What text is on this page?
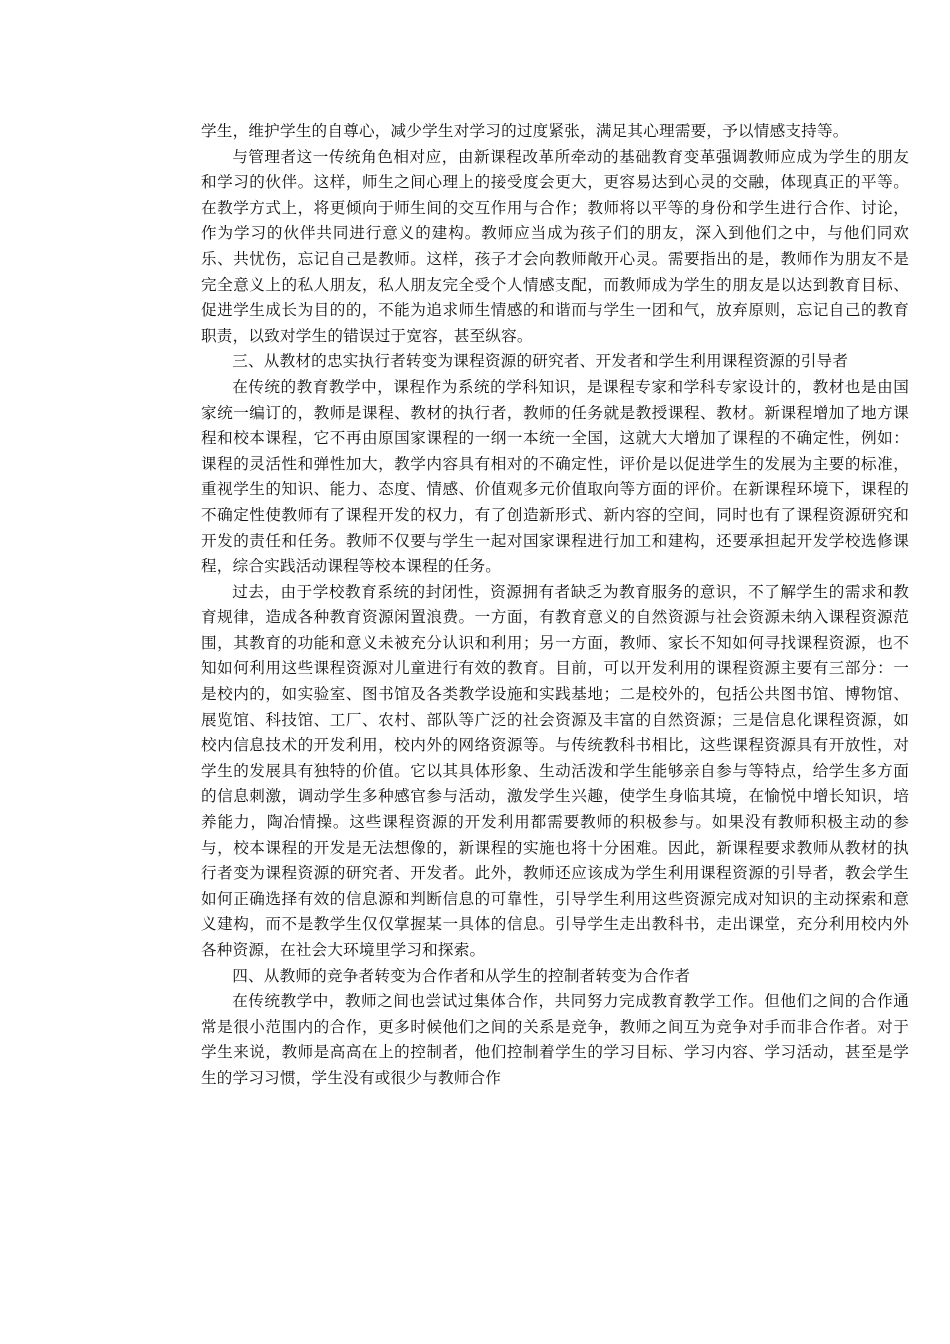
学生，维护学生的自尊心，减少学生对学习的过度紧张，满足其心理需要，予以情感支持等。

与管理者这一传统角色相对应，由新课程改革所牵动的基础教育变革强调教师应成为学生的朋友和学习的伙伴。这样，师生之间心理上的接受度会更大，更容易达到心灵的交融，体现真正的平等。在教学方式上，将更倾向于师生间的交互作用与合作；教师将以平等的身份和学生进行合作、讨论，作为学习的伙伴共同进行意义的建构。教师应当成为孩子们的朋友，深入到他们之中，与他们同欢乐、共忧伤，忘记自己是教师。这样，孩子才会向教师敞开心灵。需要指出的是，教师作为朋友不是完全意义上的私人朋友，私人朋友完全受个人情感支配，而教师成为学生的朋友是以达到教育目标、促进学生成长为目的的，不能为追求师生情感的和谐而与学生一团和气，放弃原则，忘记自己的教育职责，以致对学生的错误过于宽容，甚至纵容。

三、从教材的忠实执行者转变为课程资源的研究者、开发者和学生利用课程资源的引导者

在传统的教育教学中，课程作为系统的学科知识，是课程专家和学科专家设计的，教材也是由国家统一编订的，教师是课程、教材的执行者，教师的任务就是教授课程、教材。新课程增加了地方课程和校本课程，它不再由原国家课程的一纲一本统一全国，这就大大增加了课程的不确定性，例如：课程的灵活性和弹性加大，教学内容具有相对的不确定性，评价是以促进学生的发展为主要的标准，重视学生的知识、能力、态度、情感、价值观多元价值取向等方面的评价。在新课程环境下，课程的不确定性使教师有了课程开发的权力，有了创造新形式、新内容的空间，同时也有了课程资源研究和开发的责任和任务。教师不仅要与学生一起对国家课程进行加工和建构，还要承担起开发学校选修课程，综合实践活动课程等校本课程的任务。

过去，由于学校教育系统的封闭性，资源拥有者缺乏为教育服务的意识，不了解学生的需求和教育规律，造成各种教育资源闲置浪费。一方面，有教育意义的自然资源与社会资源未纳入课程资源范围，其教育的功能和意义未被充分认识和利用；另一方面，教师、家长不知如何寻找课程资源，也不知如何利用这些课程资源对儿童进行有效的教育。目前，可以开发利用的课程资源主要有三部分：一是校内的，如实验室、图书馆及各类教学设施和实践基地；二是校外的，包括公共图书馆、博物馆、展览馆、科技馆、工厂、农村、部队等广泛的社会资源及丰富的自然资源；三是信息化课程资源，如校内信息技术的开发利用，校内外的网络资源等。与传统教科书相比，这些课程资源具有开放性，对学生的发展具有独特的价值。它以其具体形象、生动活泼和学生能够亲自参与等特点，给学生多方面的信息刺激，调动学生多种感官参与活动，激发学生兴趣，使学生身临其境，在愉悦中增长知识，培养能力，陶冶情操。这些课程资源的开发利用都需要教师的积极参与。如果没有教师积极主动的参与，校本课程的开发是无法想像的，新课程的实施也将十分困难。因此，新课程要求教师从教材的执行者变为课程资源的研究者、开发者。此外，教师还应该成为学生利用课程资源的引导者，教会学生如何正确选择有效的信息源和判断信息的可靠性，引导学生利用这些资源完成对知识的主动探索和意义建构，而不是教学生仅仅掌握某一具体的信息。引导学生走出教科书，走出课堂，充分利用校内外各种资源，在社会大环境里学习和探索。

四、从教师的竞争者转变为合作者和从学生的控制者转变为合作者

在传统教学中，教师之间也尝试过集体合作，共同努力完成教育教学工作。但他们之间的合作通常是很小范围内的合作，更多时候他们之间的关系是竞争，教师之间互为竞争对手而非合作者。对于学生来说，教师是高高在上的控制者，他们控制着学生的学习目标、学习内容、学习活动，甚至是学生的学习习惯，学生没有或很少与教师合作
